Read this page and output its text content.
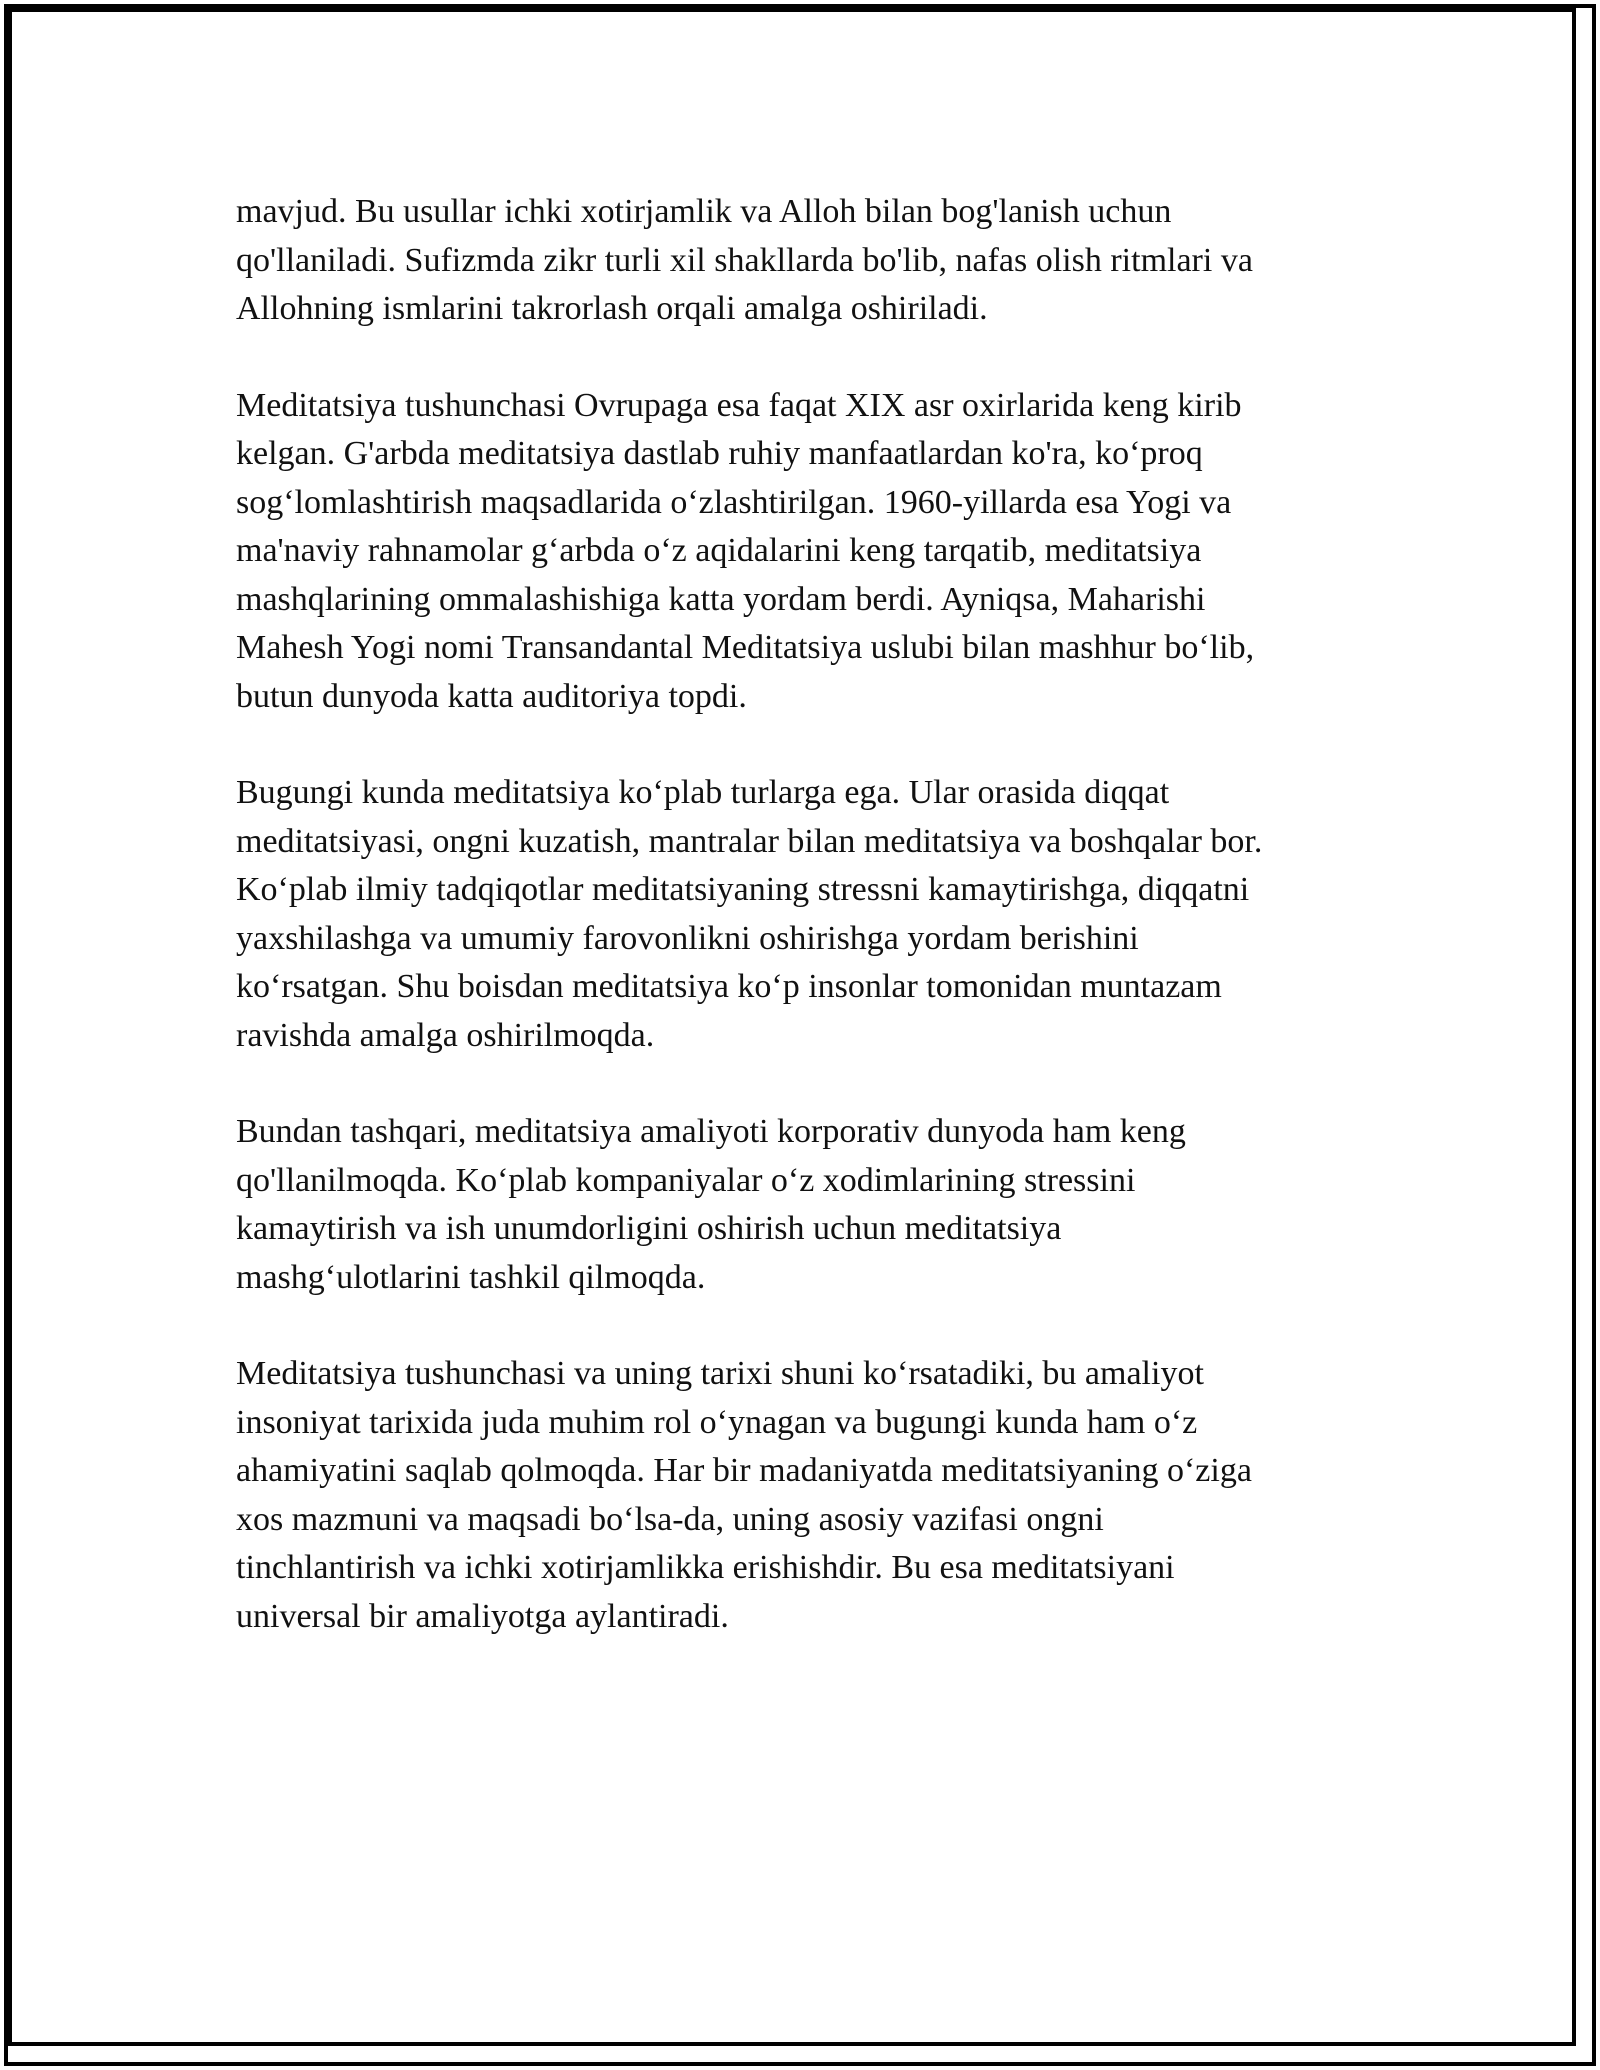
mavjud. Bu usullar ichki xotirjamlik va Alloh bilan bog'lanish uchun
qo'llaniladi. Sufizmda zikr turli xil shakllarda bo'lib, nafas olish ritmlari va
Allohning ismlarini takrorlash orqali amalga oshiriladi.

Meditatsiya tushunchasi Ovrupaga esa faqat XIX asr oxirlarida keng kirib
kelgan. G'arbda meditatsiya dastlab ruhiy manfaatlardan ko'ra, ko‘proq
sog‘lomlashtirish maqsadlarida o‘zlashtirilgan. 1960-yillarda esa Yogi va
ma'naviy rahnamolar g‘arbda o‘z aqidalarini keng tarqatib, meditatsiya
mashqlarining ommalashishiga katta yordam berdi. Ayniqsa, Maharishi
Mahesh Yogi nomi Transandantal Meditatsiya uslubi bilan mashhur bo‘lib,
butun dunyoda katta auditoriya topdi.

Bugungi kunda meditatsiya ko‘plab turlarga ega. Ular orasida diqqat
meditatsiyasi, ongni kuzatish, mantralar bilan meditatsiya va boshqalar bor.
Ko‘plab ilmiy tadqiqotlar meditatsiyaning stressni kamaytirishga, diqqatni
yaxshilashga va umumiy farovonlikni oshirishga yordam berishini
ko‘rsatgan. Shu boisdan meditatsiya ko‘p insonlar tomonidan muntazam
ravishda amalga oshirilmoqda.

Bundan tashqari, meditatsiya amaliyoti korporativ dunyoda ham keng
qo'llanilmoqda. Ko‘plab kompaniyalar o‘z xodimlarining stressini
kamaytirish va ish unumdorligini oshirish uchun meditatsiya
mashg‘ulotlarini tashkil qilmoqda.

Meditatsiya tushunchasi va uning tarixi shuni ko‘rsatadiki, bu amaliyot
insoniyat tarixida juda muhim rol o‘ynagan va bugungi kunda ham o‘z
ahamiyatini saqlab qolmoqda. Har bir madaniyatda meditatsiyaning o‘ziga
xos mazmuni va maqsadi bo‘lsa-da, uning asosiy vazifasi ongni
tinchlantirish va ichki xotirjamlikka erishishdir. Bu esa meditatsiyani
universal bir amaliyotga aylantiradi.
